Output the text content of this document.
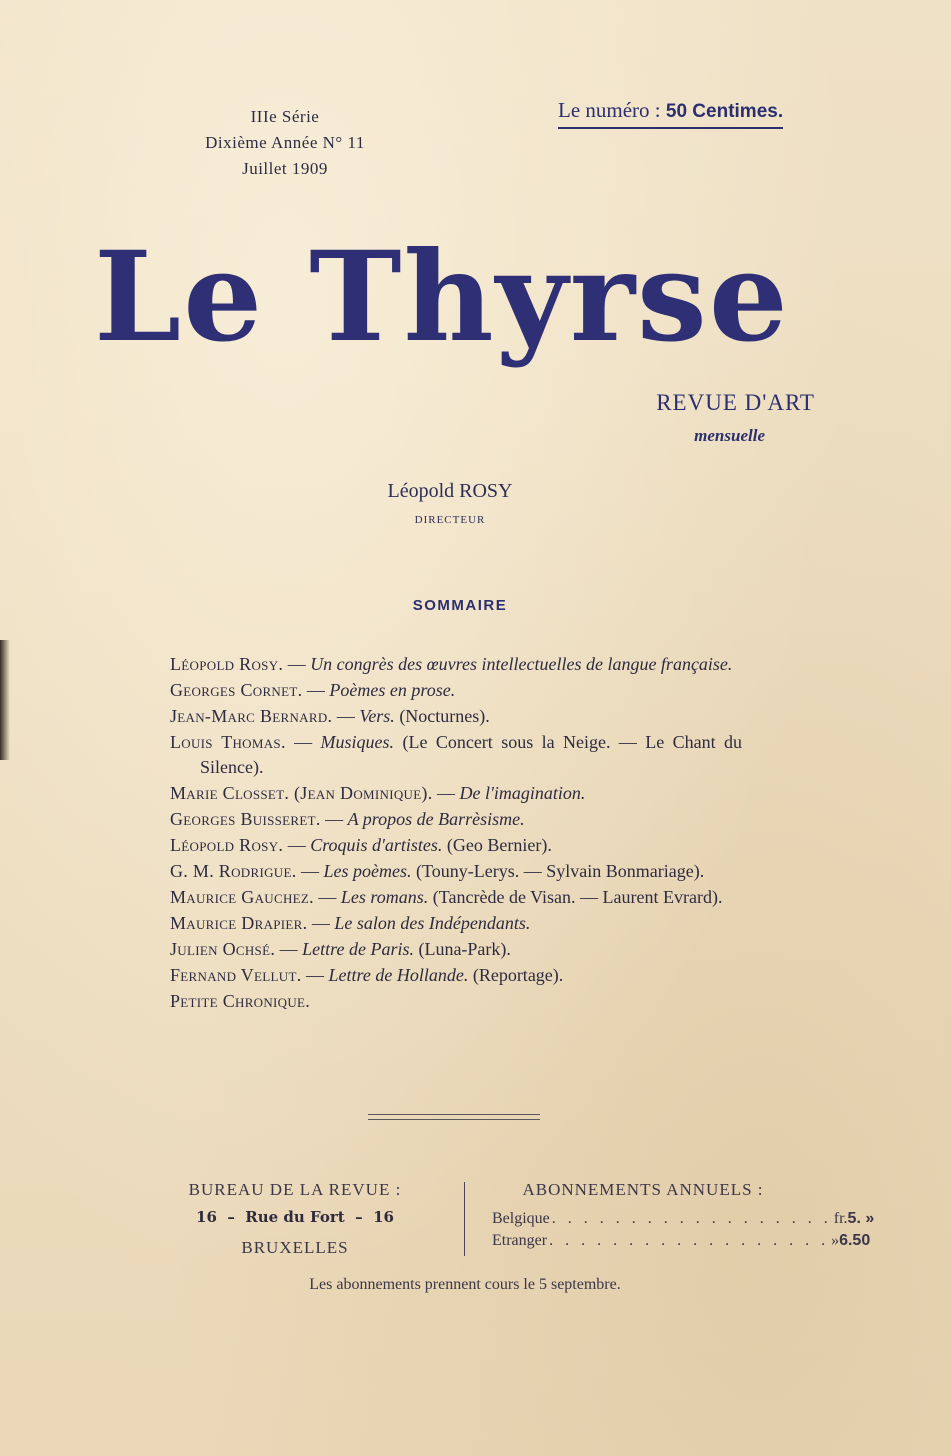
IIIe Série
Dixième Année N° 11
Juillet 1909
Le numéro : 50 Centimes.
Le Thyrse
REVUE D'ART
mensuelle
Léopold ROSY
DIRECTEUR
SOMMAIRE
Léopold Rosy. — Un congrès des œuvres intellectuelles de langue française.
Georges Cornet. — Poèmes en prose.
Jean-Marc Bernard. — Vers. (Nocturnes).
Louis Thomas. — Musiques. (Le Concert sous la Neige. — Le Chant du Silence).
Marie Closset. (Jean Dominique). — De l'imagination.
Georges Buisseret. — A propos de Barrèsisme.
Léopold Rosy. — Croquis d'artistes. (Geo Bernier).
G. M. Rodrigue. — Les poèmes. (Touny-Lerys. — Sylvain Bonmariage).
Maurice Gauchez. — Les romans. (Tancrède de Visan. — Laurent Evrard).
Maurice Drapier. — Le salon des Indépendants.
Julien Ochsé. — Lettre de Paris. (Luna-Park).
Fernand Vellut. — Lettre de Hollande. (Reportage).
Petite Chronique.
BUREAU DE LA REVUE :
16  –  Rue du Fort  –  16
BRUXELLES
ABONNEMENTS ANNUELS :
Belgique . . . . . . . . . . . . . . . . . . fr. 5. »
Etranger . . . . . . . . . . . . . . . . . . » 6.50
Les abonnements prennent cours le 5 septembre.
